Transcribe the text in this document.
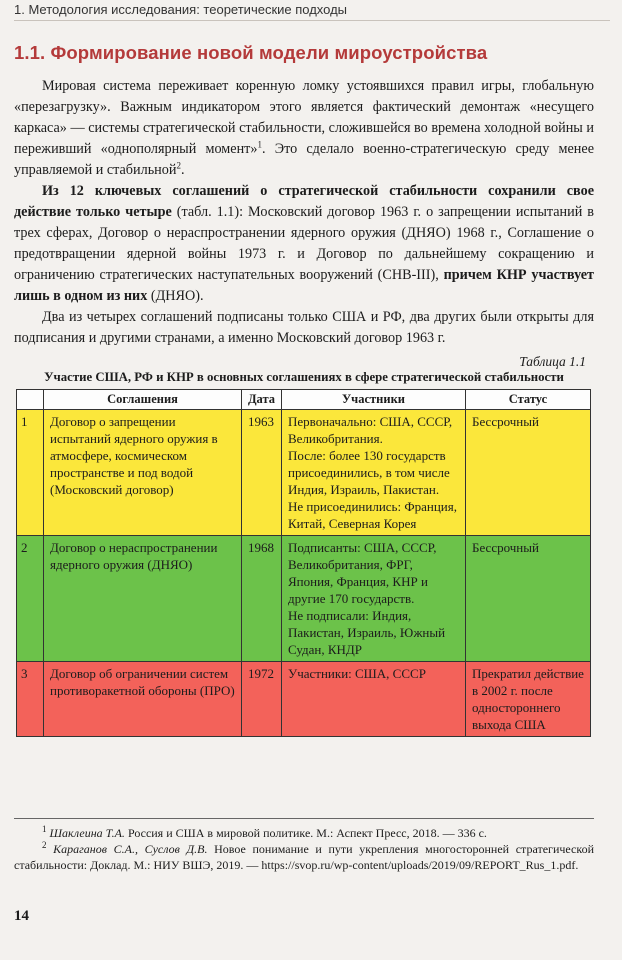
1. Методология исследования: теоретические подходы
1.1. Формирование новой модели мироустройства

Мировая система переживает коренную ломку устоявшихся правил игры, глобальную «перезагрузку». Важным индикатором этого является фактический демонтаж «несущего каркаса» — системы стратегической стабильности, сложившейся во времена холодной войны и переживший «однополярный момент»$^1$. Это сделало военно-стратегическую среду менее управляемой и стабильной$^2$.

Из 12 ключевых соглашений о стратегической стабильности сохранили свое действие только четыре (табл. 1.1): Московский договор 1963 г. о запрещении испытаний в трех сферах, Договор о нераспространении ядерного оружия (ДНЯО) 1968 г., Соглашение о предотвращении ядерной войны 1973 г. и Договор по дальнейшему сокращению и ограничению стратегических наступательных вооружений (СНВ-III), причем КНР участвует лишь в одном из них (ДНЯО).

Два из четырех соглашений подписаны только США и РФ, два других были открыты для подписания и другими странами, а именно Московский договор 1963 г.

Таблица 1.1
Участие США, РФ и КНР в основных соглашениях в сфере стратегической стабильности
	Соглашения	Дата	Участники	Статус
1	Договор о запрещении испытаний ядерного оружия в атмосфере, космическом пространстве и под водой (Московский договор)	1963	Первоначально: США, СССР, Великобритания.
После: более 130 государств присоединились, в том числе Индия, Израиль, Пакистан.
Не присоединились: Франция, Китай, Северная Корея	Бессрочный
2	Договор о нераспространении ядерного оружия (ДНЯО)	1968	Подписанты: США, СССР, Великобритания, ФРГ, Япония, Франция, КНР и другие 170 государств.
Не подписали: Индия, Пакистан, Израиль, Южный Судан, КНДР	Бессрочный
3	Договор об ограничении систем противоракетной обороны (ПРО)	1972	Участники: США, СССР	Прекратил действие в 2002 г. после одностороннего выхода США

$^1$ Шаклеина Т.А. Россия и США в мировой политике. М.: Аспект Пресс, 2018. — 336 с.

$^2$ Караганов С.А., Суслов Д.В. Новое понимание и пути укрепления многосторонней стратегической стабильности: Доклад. М.: НИУ ВШЭ, 2019. — https://svop.ru/wp-content/uploads/2019/09/REPORT_Rus_1.pdf.

14
